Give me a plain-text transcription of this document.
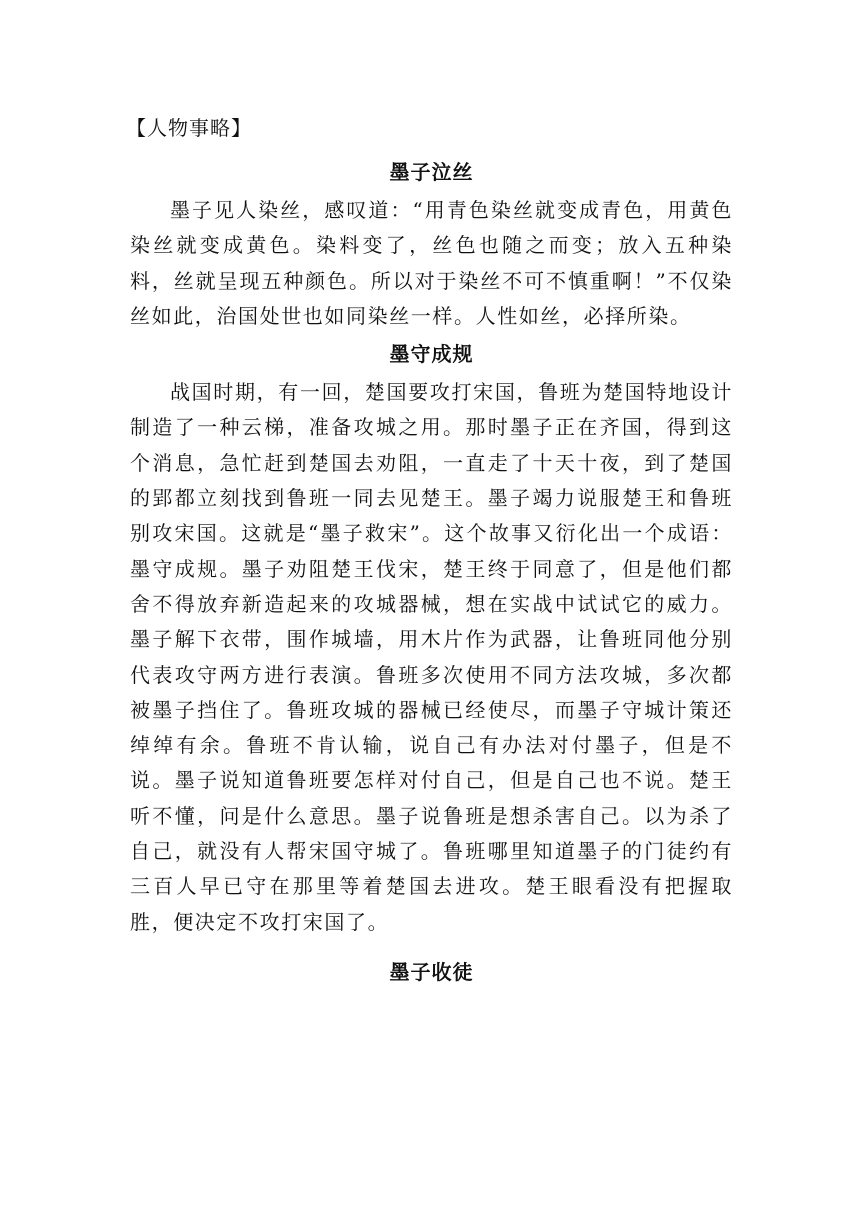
【人物事略】
墨子泣丝

墨子见人染丝，感叹道：“用青色染丝就变成青色，用黄色染丝就变成黄色。染料变了，丝色也随之而变；放入五种染料，丝就呈现五种颜色。所以对于染丝不可不慎重啊！”不仅染丝如此，治国处世也如同染丝一样。人性如丝，必择所染。

墨守成规

战国时期，有一回，楚国要攻打宋国，鲁班为楚国特地设计制造了一种云梯，准备攻城之用。那时墨子正在齐国，得到这个消息，急忙赶到楚国去劝阻，一直走了十天十夜，到了楚国的郢都立刻找到鲁班一同去见楚王。墨子竭力说服楚王和鲁班别攻宋国。这就是“墨子救宋”。这个故事又衍化出一个成语：墨守成规。墨子劝阻楚王伐宋，楚王终于同意了，但是他们都舍不得放弃新造起来的攻城器械，想在实战中试试它的威力。墨子解下衣带，围作城墙，用木片作为武器，让鲁班同他分别代表攻守两方进行表演。鲁班多次使用不同方法攻城，多次都被墨子挡住了。鲁班攻城的器械已经使尽，而墨子守城计策还绰绰有余。鲁班不肯认输，说自己有办法对付墨子，但是不说。墨子说知道鲁班要怎样对付自己，但是自己也不说。楚王听不懂，问是什么意思。墨子说鲁班是想杀害自己。以为杀了自己，就没有人帮宋国守城了。鲁班哪里知道墨子的门徒约有三百人早已守在那里等着楚国去进攻。楚王眼看没有把握取胜，便决定不攻打宋国了。

墨子收徒
